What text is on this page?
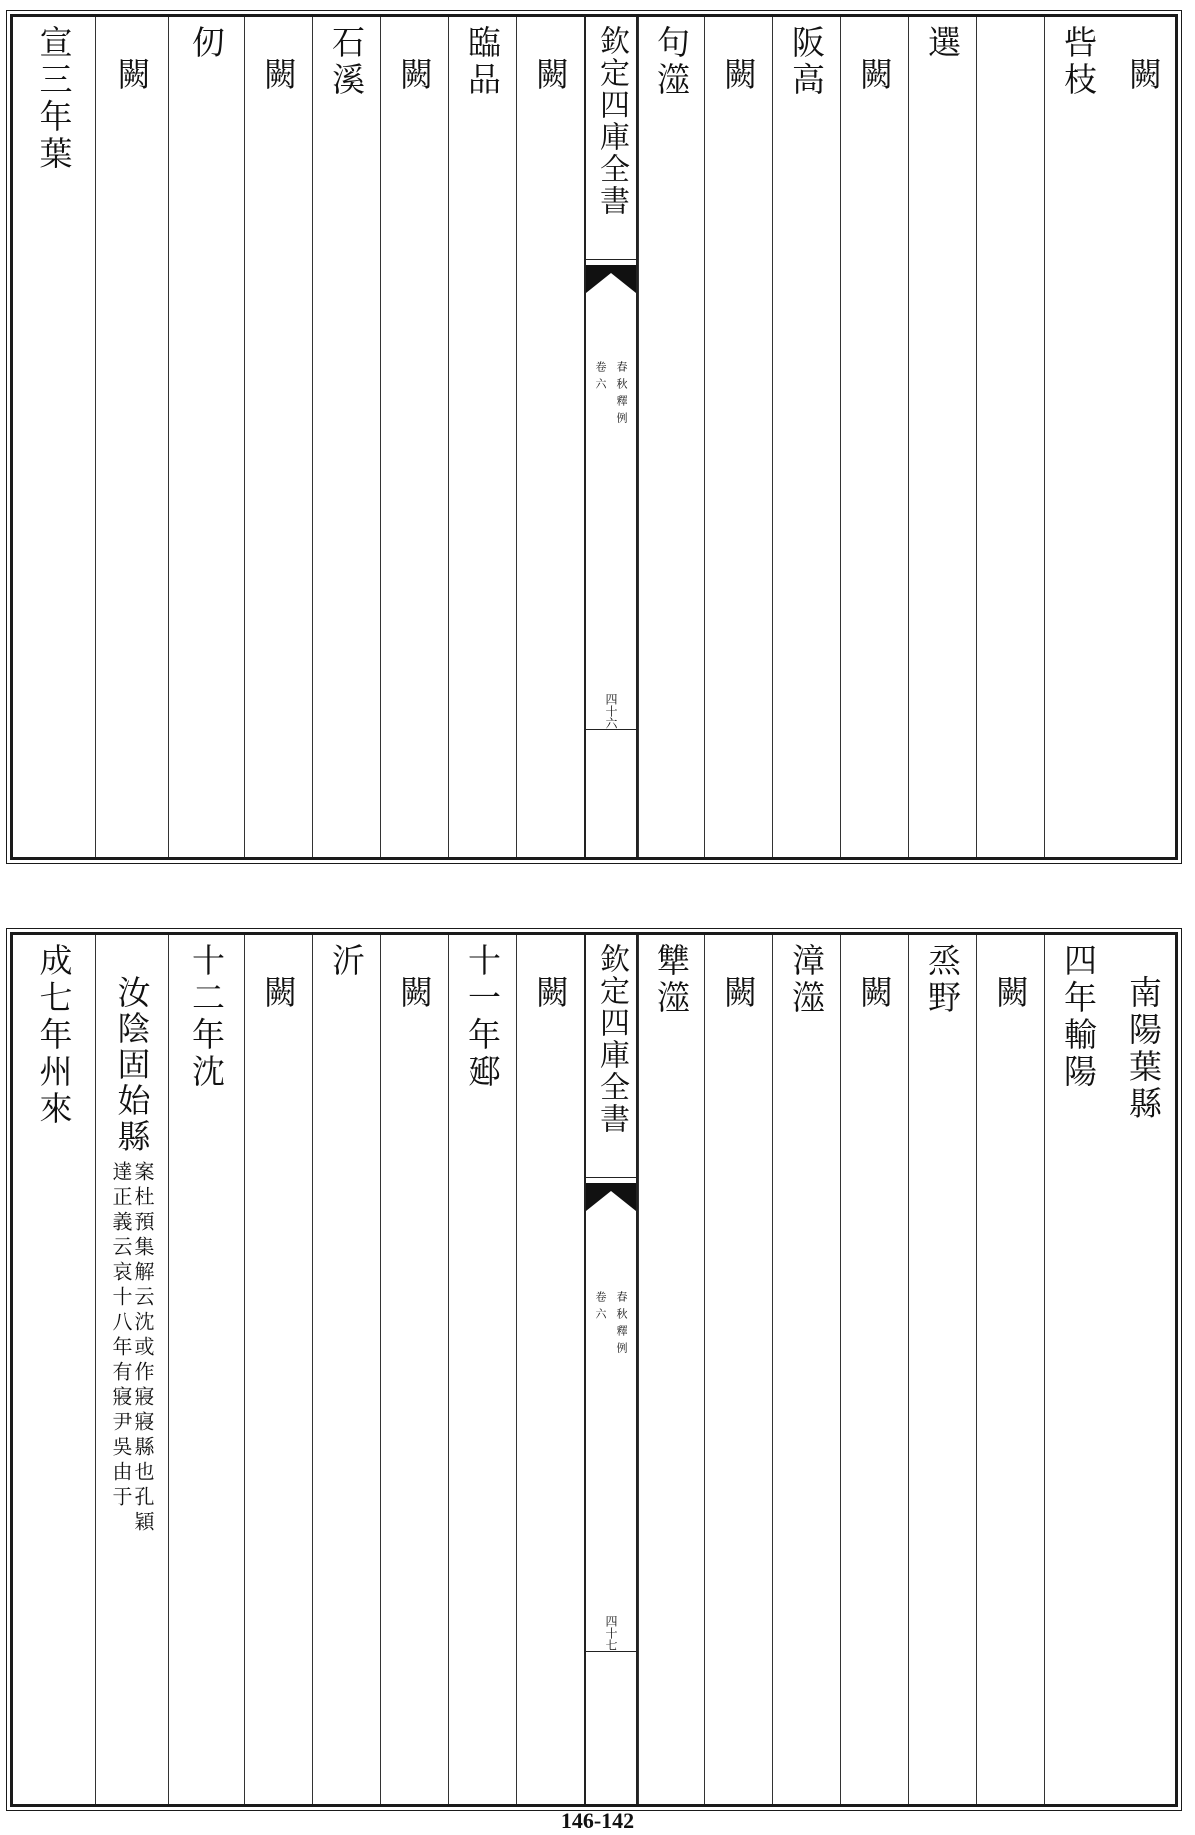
闕
呰枝
選
闕
阪高
闕
句澨
欽定四庫全書
春秋釋例
卷六
四十六
闕
臨品
闕
石溪
闕
仞
闕
宣三年葉
南陽葉縣
四年輸陽
闕
烝野
闕
漳澨
闕
犨澨
欽定四庫全書
春秋釋例
卷六
四十七
闕
十一年郔
闕
沂
闕
十二年沈
汝陰固始縣
案杜預集解云沈或作寢寢縣也孔穎
達正義云哀十八年有寢尹吳由于
成七年州來
146-142
